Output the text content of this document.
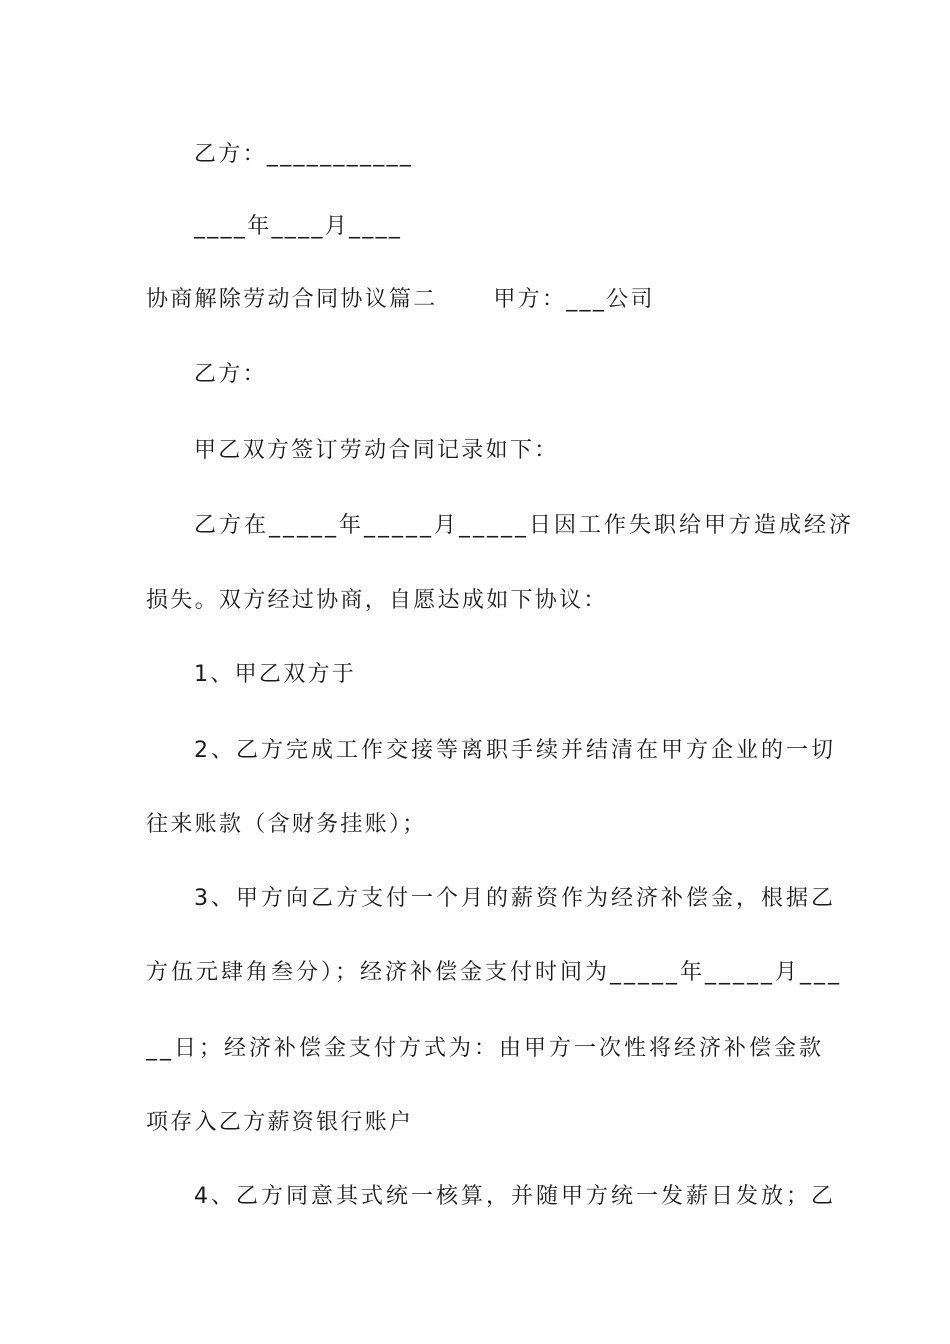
乙方：___________
____年____月____
协商解除劳动合同协议篇二      甲方：___公司
乙方：
甲乙双方签订劳动合同记录如下：
乙方在_____年_____月_____日因工作失职给甲方造成经济
损失。双方经过协商，自愿达成如下协议：
1、甲乙双方于
2、乙方完成工作交接等离职手续并结清在甲方企业的一切
往来账款（含财务挂账）；
3、甲方向乙方支付一个月的薪资作为经济补偿金，根据乙
方伍元肆角叁分）；经济补偿金支付时间为_____年_____月___
__日；经济补偿金支付方式为：由甲方一次性将经济补偿金款
项存入乙方薪资银行账户
4、乙方同意其式统一核算，并随甲方统一发薪日发放；乙
